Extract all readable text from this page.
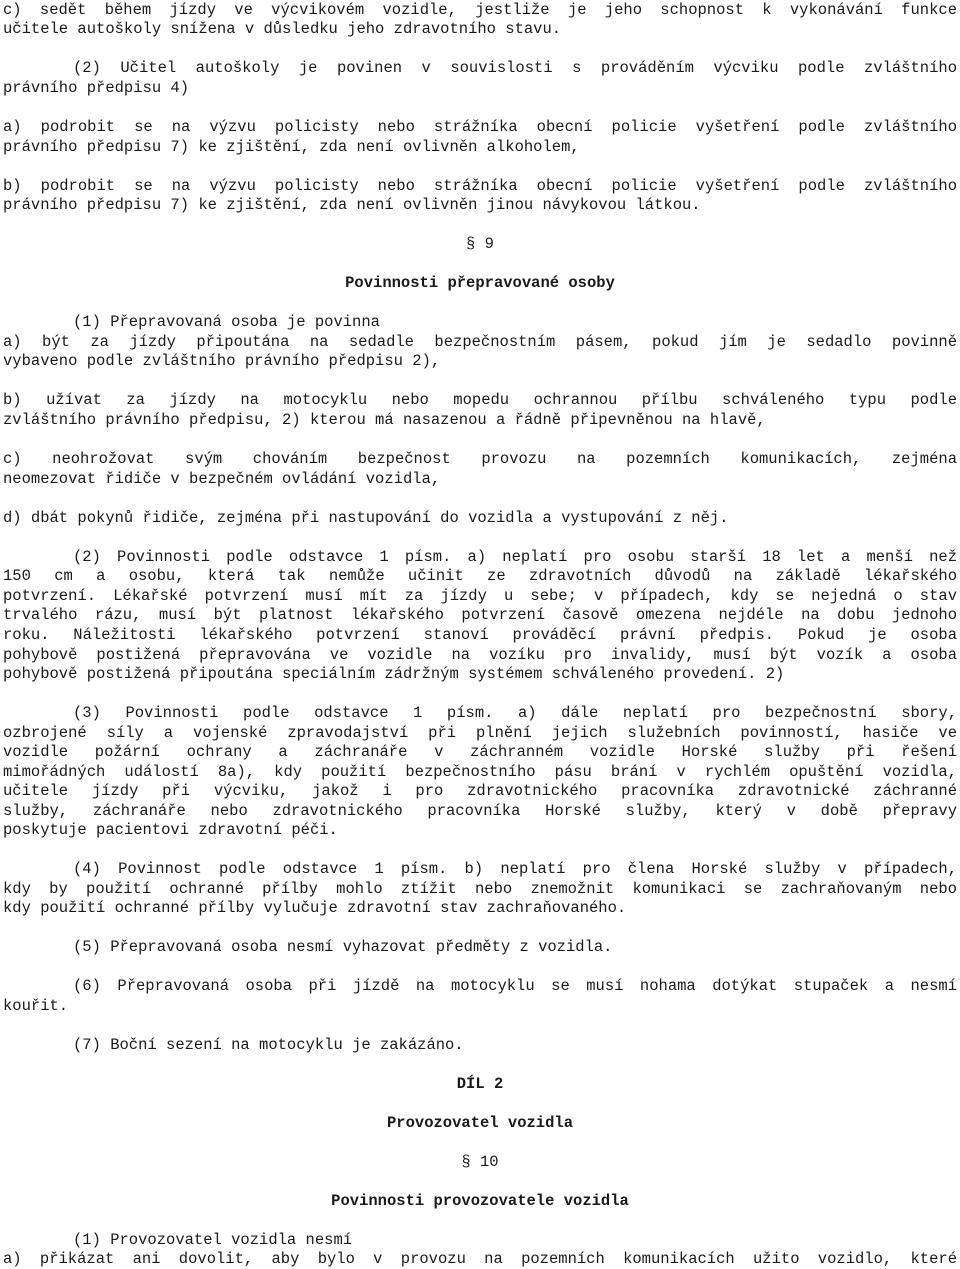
c) sedět během jízdy ve výcvikovém vozidle, jestliže je jeho schopnost k vykonávání funkce
učitele autoškoly snížena v důsledku jeho zdravotního stavu.
(2) Učitel autoškoly je povinen v souvislosti s prováděním výcviku podle zvláštního
právního předpisu 4)
a) podrobit se na výzvu policisty nebo strážníka obecní policie vyšetření podle zvláštního
právního předpisu 7) ke zjištění, zda není ovlivněn alkoholem,
b) podrobit se na výzvu policisty nebo strážníka obecní policie vyšetření podle zvláštního
právního předpisu 7) ke zjištění, zda není ovlivněn jinou návykovou látkou.
§ 9
Povinnosti přepravované osoby
(1) Přepravovaná osoba je povinna
a) být za jízdy připoutána na sedadle bezpečnostním pásem, pokud jím je sedadlo povinně
vybaveno podle zvláštního právního předpisu 2),
b) užívat za jízdy na motocyklu nebo mopedu ochrannou přílbu schváleného typu podle
zvláštního právního předpisu, 2) kterou má nasazenou a řádně připevněnou na hlavě,
c) neohrožovat svým chováním bezpečnost provozu na pozemních komunikacích, zejména
neomezovat řidiče v bezpečném ovládání vozidla,
d) dbát pokynů řidiče, zejména při nastupování do vozidla a vystupování z něj.
(2) Povinnosti podle odstavce 1 písm. a) neplatí pro osobu starší 18 let a menší než
150 cm a osobu, která tak nemůže učinit ze zdravotních důvodů na základě lékařského
potvrzení. Lékařské potvrzení musí mít za jízdy u sebe; v případech, kdy se nejedná o stav
trvalého rázu, musí být platnost lékařského potvrzení časově omezena nejdéle na dobu jednoho
roku. Náležitosti lékařského potvrzení stanoví prováděcí právní předpis. Pokud je osoba
pohybově postižená přepravována ve vozidle na vozíku pro invalidy, musí být vozík a osoba
pohybově postižená připoutána speciálním zádržným systémem schváleného provedení. 2)
(3) Povinnosti podle odstavce 1 písm. a) dále neplatí pro bezpečnostní sbory,
ozbrojené síly a vojenské zpravodajství při plnění jejich služebních povinností, hasiče ve
vozidle požární ochrany a záchranáře v záchranném vozidle Horské služby při řešení
mimořádných událostí 8a), kdy použití bezpečnostního pásu brání v rychlém opuštění vozidla,
učitele jízdy při výcviku, jakož i pro zdravotnického pracovníka zdravotnické záchranné
služby, záchranáře nebo zdravotnického pracovníka Horské služby, který v době přepravy
poskytuje pacientovi zdravotní péči.
(4) Povinnost podle odstavce 1 písm. b) neplatí pro člena Horské služby v případech,
kdy by použití ochranné přílby mohlo ztížit nebo znemožnit komunikaci se zachraňovaným nebo
kdy použití ochranné přílby vylučuje zdravotní stav zachraňovaného.
(5) Přepravovaná osoba nesmí vyhazovat předměty z vozidla.
(6) Přepravovaná osoba při jízdě na motocyklu se musí nohama dotýkat stupaček a nesmí
kouřit.
(7) Boční sezení na motocyklu je zakázáno.
DÍL 2
Provozovatel vozidla
§ 10
Povinnosti provozovatele vozidla
(1) Provozovatel vozidla nesmí
a) přikázat ani dovolit, aby bylo v provozu na pozemních komunikacích užito vozidlo, které
